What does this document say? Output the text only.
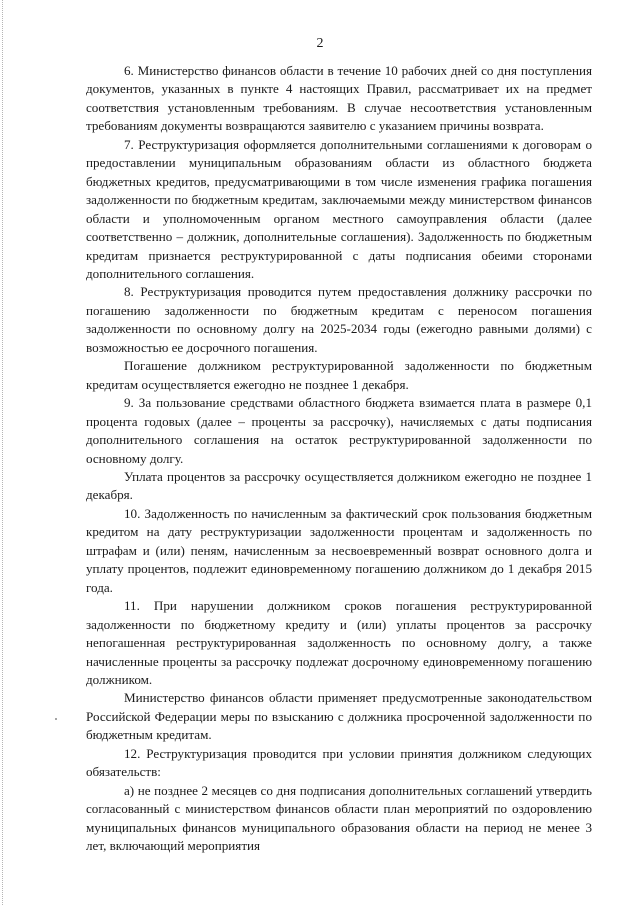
2

6. Министерство финансов области в течение 10 рабочих дней со дня поступления документов, указанных в пункте 4 настоящих Правил, рассматривает их на предмет соответствия установленным требованиям. В случае несоответствия установленным требованиям документы возвращаются заявителю с указанием причины возврата.

7. Реструктуризация оформляется дополнительными соглашениями к договорам о предоставлении муниципальным образованиям области из областного бюджета бюджетных кредитов, предусматривающими в том числе изменения графика погашения задолженности по бюджетным кредитам, заключаемыми между министерством финансов области и уполномоченным органом местного самоуправления области (далее соответственно – должник, дополнительные соглашения). Задолженность по бюджетным кредитам признается реструктурированной с даты подписания обеими сторонами дополнительного соглашения.

8. Реструктуризация проводится путем предоставления должнику рассрочки по погашению задолженности по бюджетным кредитам с переносом погашения задолженности по основному долгу на 2025-2034 годы (ежегодно равными долями) с возможностью ее досрочного погашения.

Погашение должником реструктурированной задолженности по бюджетным кредитам осуществляется ежегодно не позднее 1 декабря.

9. За пользование средствами областного бюджета взимается плата в размере 0,1 процента годовых (далее – проценты за рассрочку), начисляемых с даты подписания дополнительного соглашения на остаток реструктурированной задолженности по основному долгу.

Уплата процентов за рассрочку осуществляется должником ежегодно не позднее 1 декабря.

10. Задолженность по начисленным за фактический срок пользования бюджетным кредитом на дату реструктуризации задолженности процентам и задолженность по штрафам и (или) пеням, начисленным за несвоевременный возврат основного долга и уплату процентов, подлежит единовременному погашению должником до 1 декабря 2015 года.

11. При нарушении должником сроков погашения реструктурированной задолженности по бюджетному кредиту и (или) уплаты процентов за рассрочку непогашенная реструктурированная задолженность по основному долгу, а также начисленные проценты за рассрочку подлежат досрочному единовременному погашению должником.

Министерство финансов области применяет предусмотренные законодательством Российской Федерации меры по взысканию с должника просроченной задолженности по бюджетным кредитам.

12. Реструктуризация проводится при условии принятия должником следующих обязательств:

а) не позднее 2 месяцев со дня подписания дополнительных соглашений утвердить согласованный с министерством финансов области план мероприятий по оздоровлению муниципальных финансов муниципального образования области на период не менее 3 лет, включающий мероприятия
